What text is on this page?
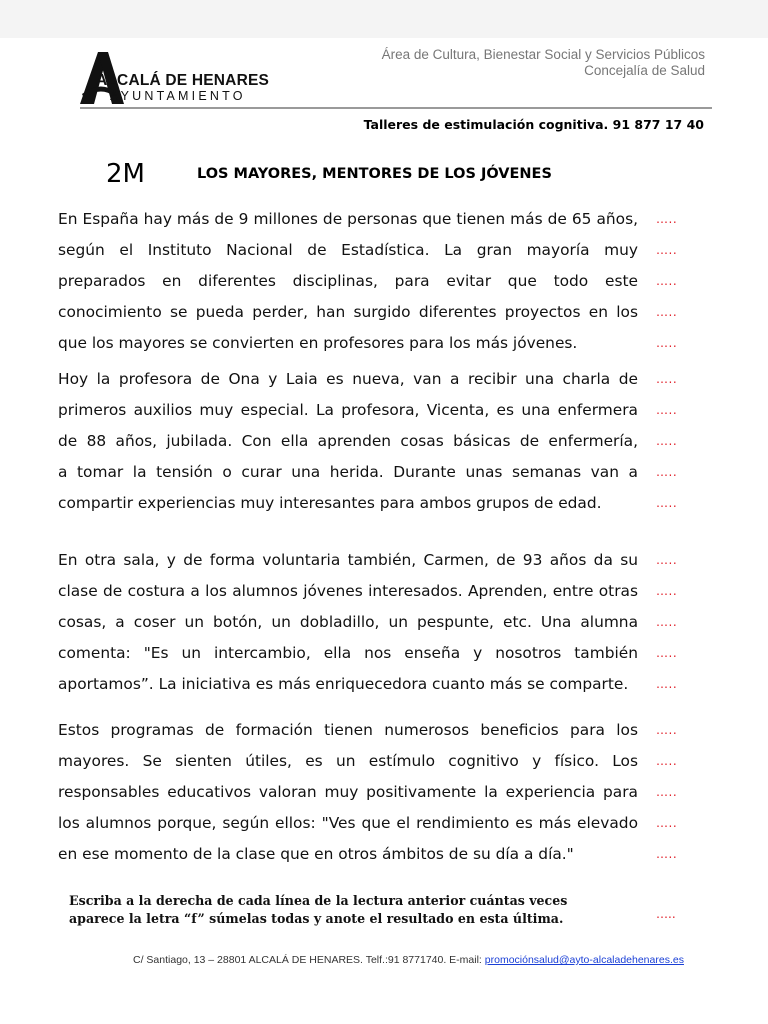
ALCALÁ DE HENARES
AYUNTAMIENTO
Área de Cultura, Bienestar Social y Servicios Públicos
Concejalía de Salud
Talleres de estimulación cognitiva. 91 877 17 40
2M	LOS MAYORES, MENTORES DE LOS JÓVENES
En España hay más de 9 millones de personas que tienen más de 65 años,
según el Instituto Nacional de Estadística. La gran mayoría muy
preparados en diferentes disciplinas, para evitar que todo este
conocimiento se pueda perder, han surgido diferentes proyectos en los
que los mayores se convierten en profesores para los más jóvenes.
…..
…..
…..
…..
…..
Hoy la profesora de Ona y Laia es nueva, van a recibir una charla de
primeros auxilios muy especial. La profesora, Vicenta, es una enfermera
de 88 años, jubilada. Con ella aprenden cosas básicas de enfermería,
a tomar la tensión o curar una herida. Durante unas semanas van a
compartir experiencias muy interesantes para ambos grupos de edad.
…..
…..
…..
…..
…..
En otra sala, y de forma voluntaria también, Carmen, de 93 años da su
clase de costura a los alumnos jóvenes interesados. Aprenden, entre otras
cosas, a coser un botón, un dobladillo, un pespunte, etc. Una alumna
comenta: "Es un intercambio, ella nos enseña y nosotros también
aportamos”. La iniciativa es más enriquecedora cuanto más se comparte.
…..
…..
…..
…..
…..
Estos programas de formación tienen numerosos beneficios para los
mayores. Se sienten útiles, es un estímulo cognitivo y físico. Los
responsables educativos valoran muy positivamente la experiencia para
los alumnos porque, según ellos: "Ves que el rendimiento es más elevado
en ese momento de la clase que en otros ámbitos de su día a día."
…..
…..
…..
…..
…..
Escriba a la derecha de cada línea de la lectura anterior cuántas veces
aparece la letra “f” súmelas todas y anote el resultado en esta última.	…..
C/ Santiago, 13 – 28801 ALCALÁ DE HENARES. Telf.:91 8771740. E-mail: promociónsalud@ayto-alcaladehenares.es
